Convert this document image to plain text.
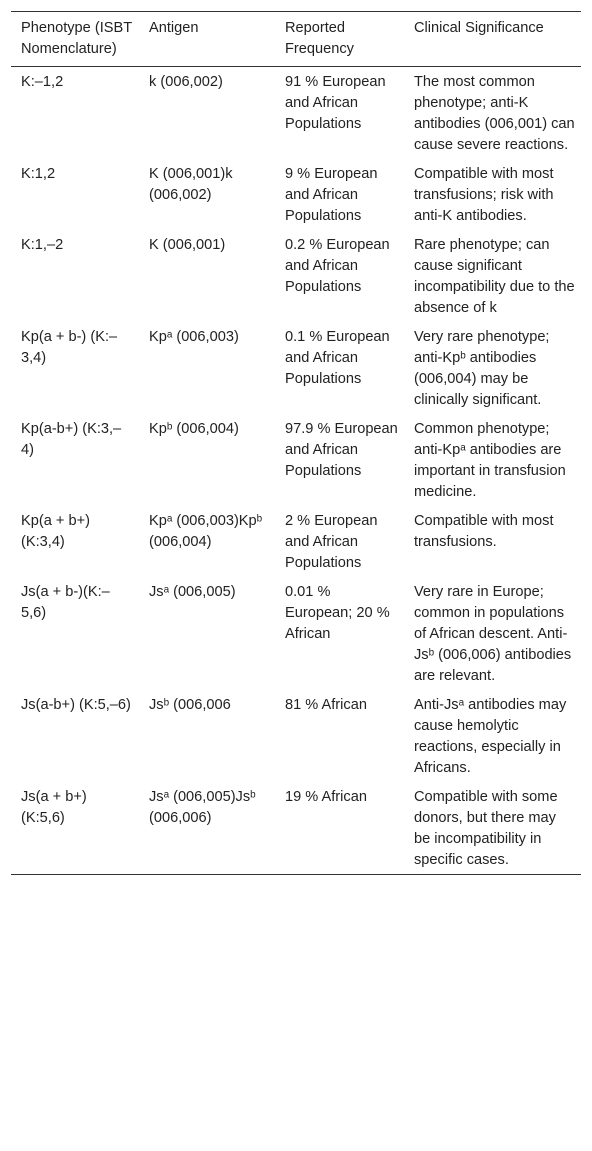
Phenotype (ISBT Nomenclature)	Antigen	Reported Frequency	Clinical Significance
K:–1,2	k (006,002)	91 % European and African Populations	The most common phenotype; anti-K antibodies (006,001) can cause severe reactions.
K:1,2	K (006,001)k (006,002)	9 % European and African Populations	Compatible with most transfusions; risk with anti-K antibodies.
K:1,–2	K (006,001)	0.2 % European and African Populations	Rare phenotype; can cause significant incompatibility due to the absence of k
Kp(a + b-) (K:–3,4)	Kpᵃ (006,003)	0.1 % European and African Populations	Very rare phenotype; anti-Kpᵇ antibodies (006,004) may be clinically significant.
Kp(a-b+) (K:3,–4)	Kpᵇ (006,004)	97.9 % European and African Populations	Common phenotype; anti-Kpᵃ antibodies are important in transfusion medicine.
Kp(a + b+) (K:3,4)	Kpᵃ (006,003)Kpᵇ (006,004)	2 % European and African Populations	Compatible with most transfusions.
Js(a + b-)(K:–5,6)	Jsᵃ (006,005)	0.01 % European; 20 % African	Very rare in Europe; common in populations of African descent. Anti-Jsᵇ (006,006) antibodies are relevant.
Js(a-b+) (K:5,–6)	Jsᵇ (006,006	81 % African	Anti-Jsᵃ antibodies may cause hemolytic reactions, especially in Africans.
Js(a + b+) (K:5,6)	Jsᵃ (006,005)Jsᵇ (006,006)	19 % African	Compatible with some donors, but there may be incompatibility in specific cases.
